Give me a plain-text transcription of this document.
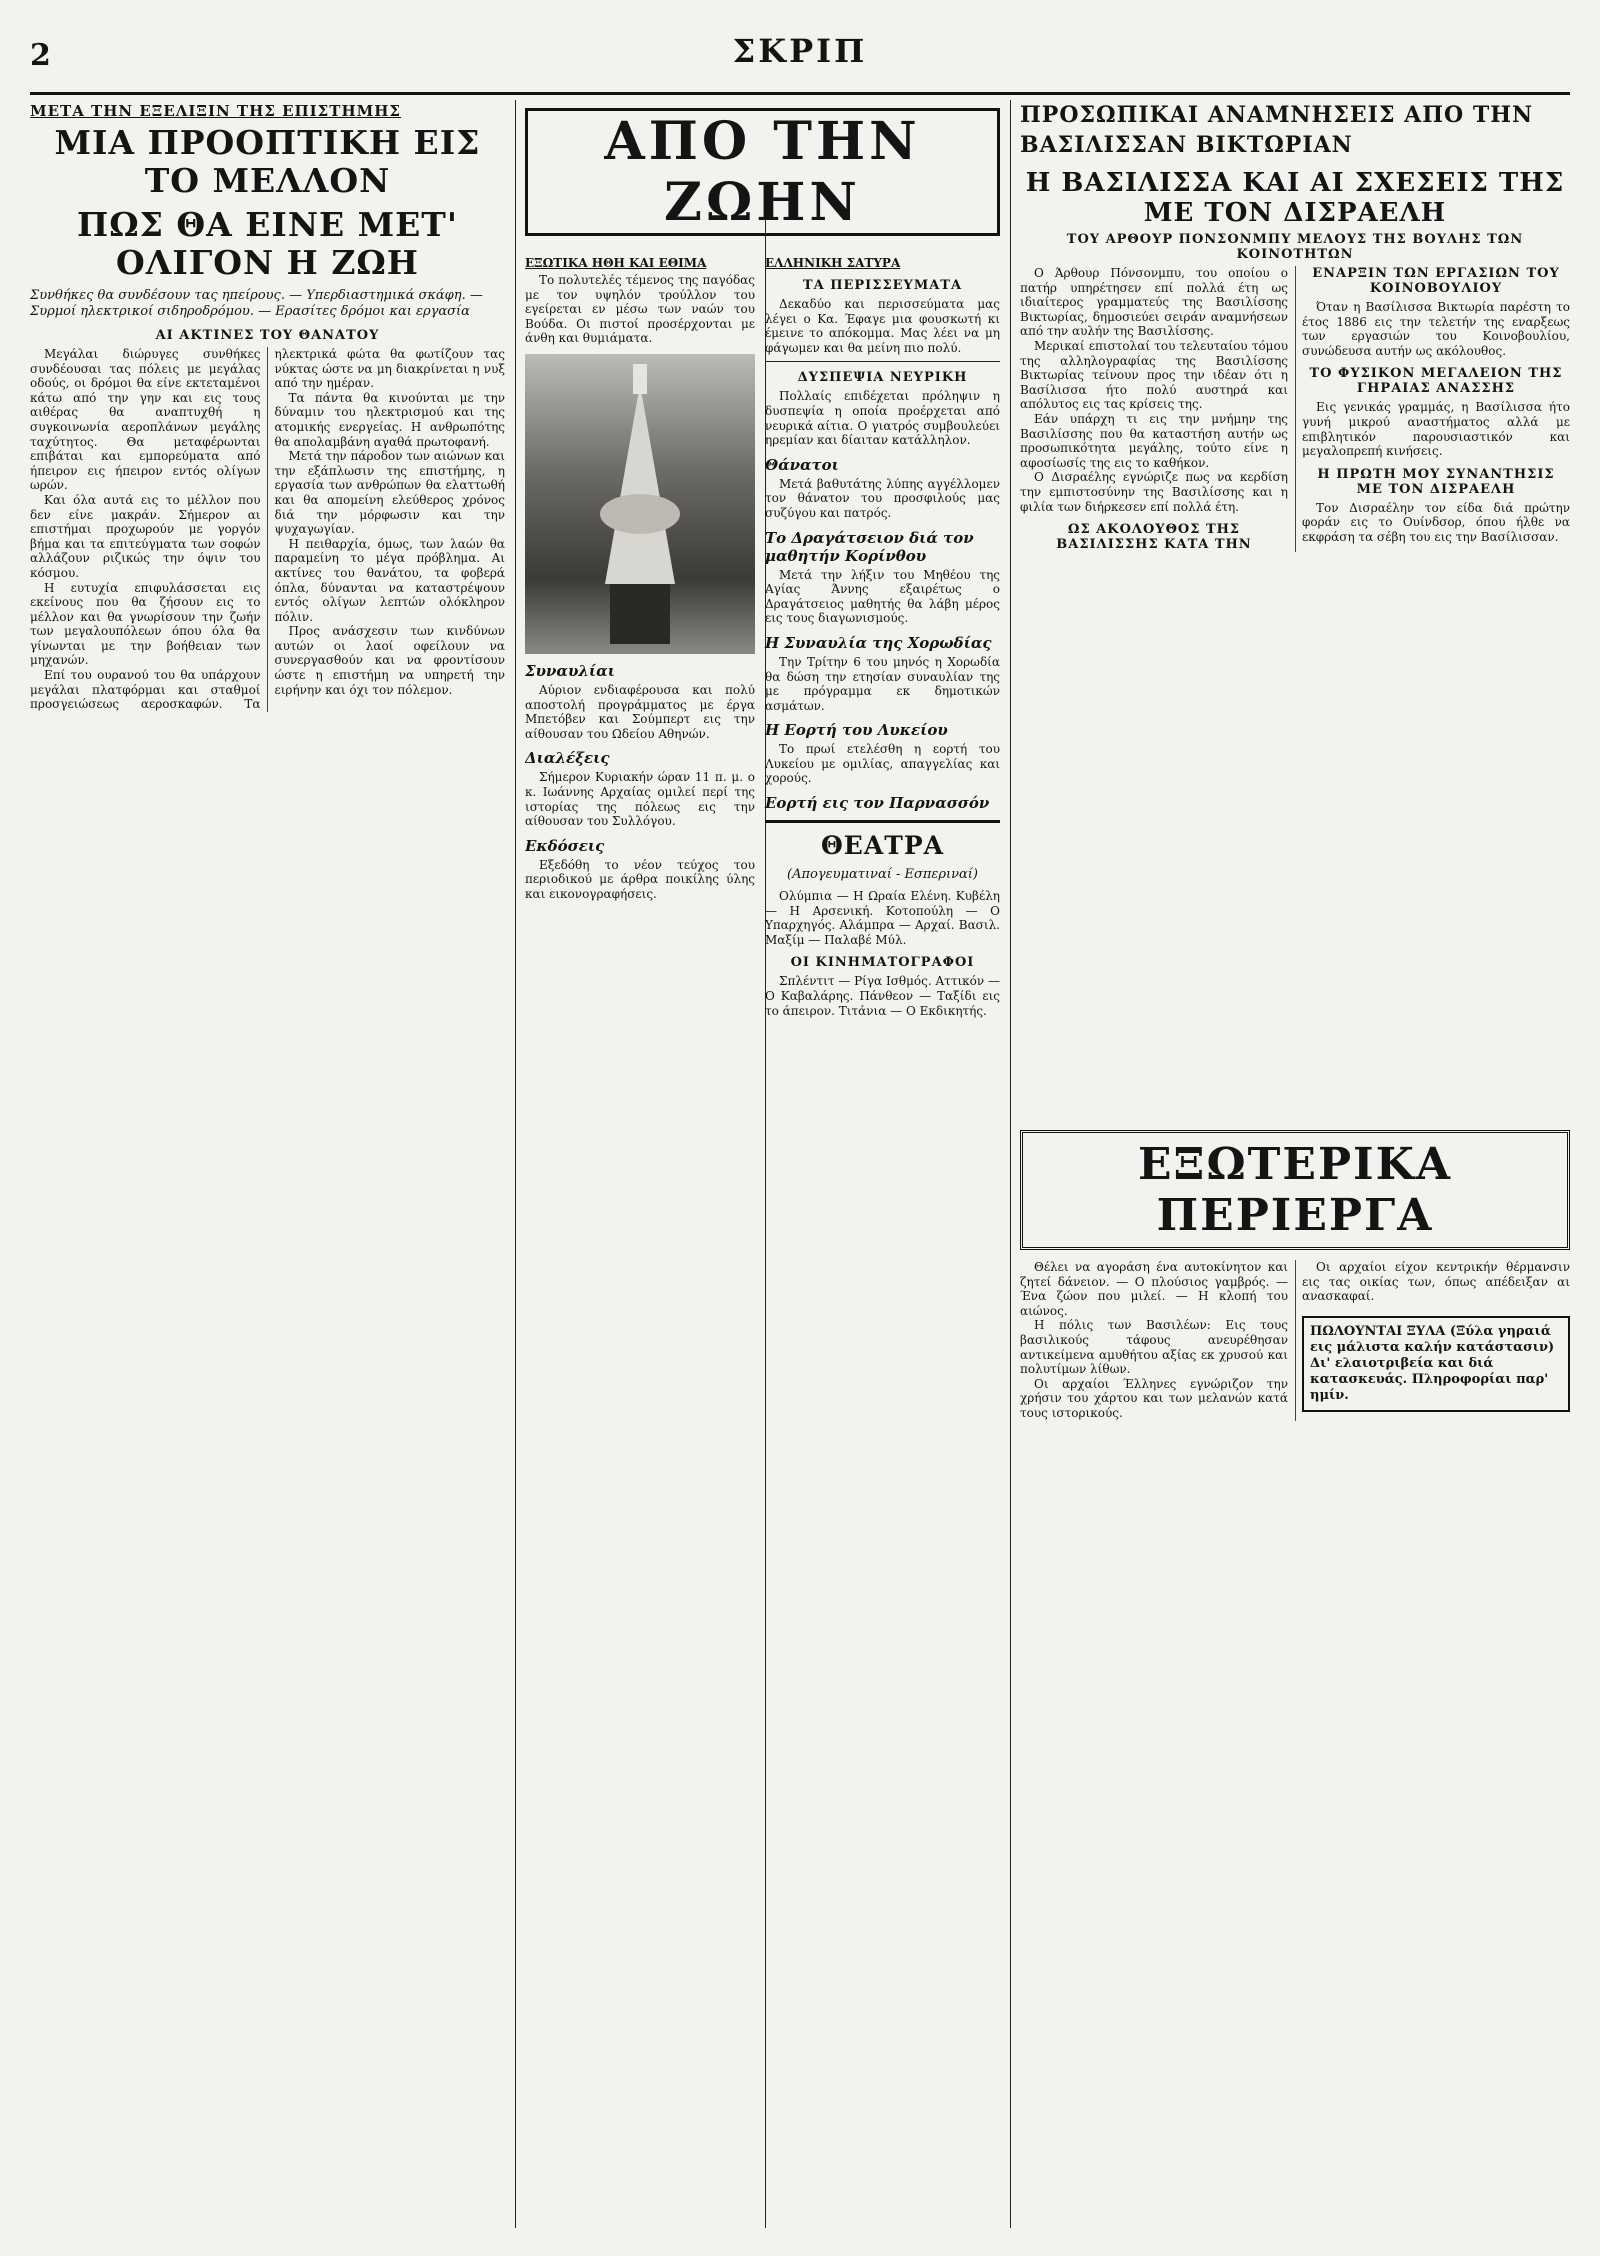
2	ΣΚΡΙΠ
ΜΕΤΑ ΤΗΝ ΕΞΕΛΙΞΙΝ ΤΗΣ ΕΠΙΣΤΗΜΗΣ
ΜΙΑ ΠΡΟΟΠΤΙΚΗ ΕΙΣ ΤΟ ΜΕΛΛΟΝ
ΠΩΣ ΘΑ ΕΙΝΕ ΜΕΤ' ΟΛΙΓΟΝ Η ΖΩΗ
Συνθήκες θα συνδέσουν τας ηπείρους. — Υπερδιαστημικά σκάφη. — Συρμοί ηλεκτρικοί σιδηροδρόμου. — Ερασίτες δρόμοι και εργασία
ΑΙ ΑΚΤΙΝΕΣ ΤΟΥ ΘΑΝΑΤΟΥ

Μεγάλαι διώρυγες συνθήκες συνδέουσαι τας πόλεις με μεγάλας οδούς, οι δρόμοι θα είνε εκτεταμένοι κάτω από την γην και εις τους αιθέρας θα αναπτυχθή η συγκοινωνία αεροπλάνων μεγάλης ταχύτητος. Θα μεταφέρωνται επιβάται και εμπορεύματα από ήπειρον εις ήπειρον εντός ολίγων ωρών.

Και όλα αυτά εις το μέλλον που δεν είνε μακράν. Σήμερον αι επιστήμαι προχωρούν με γοργόν βήμα και τα επιτεύγματα των σοφών αλλάζουν ριζικώς την όψιν του κόσμου.

Η ευτυχία επιφυλάσσεται εις εκείνους που θα ζήσουν εις το μέλλον και θα γνωρίσουν την ζωήν των μεγαλουπόλεων όπου όλα θα γίνωνται με την βοήθειαν των μηχανών.

Επί του ουρανού του θα υπάρχουν μεγάλαι πλατφόρμαι και σταθμοί προσγειώσεως αεροσκαφών. Τα ηλεκτρικά φώτα θα φωτίζουν τας νύκτας ώστε να μη διακρίνεται η νυξ από την ημέραν.

Τα πάντα θα κινούνται με την δύναμιν του ηλεκτρισμού και της ατομικής ενεργείας. Η ανθρωπότης θα απολαμβάνη αγαθά πρωτοφανή.

Μετά την πάροδον των αιώνων και την εξάπλωσιν της επιστήμης, η εργασία των ανθρώπων θα ελαττωθή και θα απομείνη ελεύθερος χρόνος διά την μόρφωσιν και την ψυχαγωγίαν.

Η πειθαρχία, όμως, των λαών θα παραμείνη το μέγα πρόβλημα. Αι ακτίνες του θανάτου, τα φοβερά όπλα, δύνανται να καταστρέψουν εντός ολίγων λεπτών ολόκληρον πόλιν.

Προς ανάσχεσιν των κινδύνων αυτών οι λαοί οφείλουν να συνεργασθούν και να φροντίσουν ώστε η επιστήμη να υπηρετή την ειρήνην και όχι τον πόλεμον.

ΑΠΟ ΤΗΝ ΖΩΗΝ
ΕΞΩΤΙΚΑ ΗΘΗ ΚΑΙ ΕΘΙΜΑ

Το πολυτελές τέμενος της παγόδας με τον υψηλόν τρούλλον του εγείρεται εν μέσω των ναών του Βούδα. Οι πιστοί προσέρχονται με άνθη και θυμιάματα.

Συναυλίαι

Αύριον ενδιαφέρουσα και πολύ αποστολή προγράμματος με έργα Μπετόβεν και Σούμπερτ εις την αίθουσαν του Ωδείου Αθηνών.

Διαλέξεις

Σήμερον Κυριακήν ώραν 11 π. μ. ο κ. Ιωάννης Αρχαίας ομιλεί περί της ιστορίας της πόλεως εις την αίθουσαν του Συλλόγου.

Εκδόσεις

Εξεδόθη το νέον τεύχος του περιοδικού με άρθρα ποικίλης ύλης και εικονογραφήσεις.

ΕΛΛΗΝΙΚΗ ΣΑΤΥΡΑ
ΤΑ ΠΕΡΙΣΣΕΥΜΑΤΑ

Δεκαδύο και περισσεύματα μας λέγει ο Κα. Έφαγε μια φουσκωτή κι έμεινε το απόκομμα. Μας λέει να μη φάγωμεν και θα μείνη πιο πολύ.

ΔΥΣΠΕΨΙΑ ΝΕΥΡΙΚΗ

Πολλαίς επιδέχεται πρόληψιν η δυσπεψία η οποία προέρχεται από νευρικά αίτια. Ο γιατρός συμβουλεύει ηρεμίαν και δίαιταν κατάλληλον.

Θάνατοι

Μετά βαθυτάτης λύπης αγγέλλομεν τον θάνατον του προσφιλούς μας συζύγου και πατρός.

Το Δραγάτσειον διά τον μαθητήν Κορίνθου

Μετά την λήξιν του Μηθέου της Αγίας Άννης εξαιρέτως ο Δραγάτσειος μαθητής θα λάβη μέρος εις τους διαγωνισμούς.

Η Συναυλία της Χορωδίας

Την Τρίτην 6 του μηνός η Χορωδία θα δώση την ετησίαν συναυλίαν της με πρόγραμμα εκ δημοτικών ασμάτων.

Η Εορτή του Λυκείου

Το πρωί ετελέσθη η εορτή του Λυκείου με ομιλίας, απαγγελίας και χορούς.

Εορτή εις τον Παρνασσόν
ΘΕΑΤΡΑ
(Απογευματιναί - Εσπεριναί)

Ολύμπια — Η Ωραία Ελένη. Κυβέλη — Η Αρσενική. Κοτοπούλη — Ο Υπαρχηγός. Αλάμπρα — Αρχαί. Βασιλ. Μαξίμ — Παλαβέ Μύλ.

ΟΙ ΚΙΝΗΜΑΤΟΓΡΑΦΟΙ

Σπλέντιτ — Ρίγα Ισθμός. Αττικόν — Ο Καβαλάρης. Πάνθεον — Ταξίδι εις το άπειρον. Τιτάνια — Ο Εκδικητής.

ΠΡΟΣΩΠΙΚΑΙ ΑΝΑΜΝΗΣΕΙΣ ΑΠΟ ΤΗΝ ΒΑΣΙΛΙΣΣΑΝ ΒΙΚΤΩΡΙΑΝ
Η ΒΑΣΙΛΙΣΣΑ ΚΑΙ ΑΙ ΣΧΕΣΕΙΣ ΤΗΣ ΜΕ ΤΟΝ ΔΙΣΡΑΕΛΗ
ΤΟΥ ΑΡΘΟΥΡ ΠΟΝΣΟΝΜΠΥ ΜΕΛΟΥΣ ΤΗΣ ΒΟΥΛΗΣ ΤΩΝ ΚΟΙΝΟΤΗΤΩΝ

Ο Άρθουρ Πόνσονμπυ, του οποίου ο πατήρ υπηρέτησεν επί πολλά έτη ως ιδιαίτερος γραμματεύς της Βασιλίσσης Βικτωρίας, δημοσιεύει σειράν αναμνήσεων από την αυλήν της Βασιλίσσης.

Μερικαί επιστολαί του τελευταίου τόμου της αλληλογραφίας της Βασιλίσσης Βικτωρίας τείνουν προς την ιδέαν ότι η Βασίλισσα ήτο πολύ αυστηρά και απόλυτος εις τας κρίσεις της.

Εάν υπάρχη τι εις την μνήμην της Βασιλίσσης που θα καταστήση αυτήν ως προσωπικότητα μεγάλης, τούτο είνε η αφοσίωσίς της εις το καθήκον.

Ο Δισραέλης εγνώριζε πως να κερδίση την εμπιστοσύνην της Βασιλίσσης και η φιλία των διήρκεσεν επί πολλά έτη.

ΩΣ ΑΚΟΛΟΥΘΟΣ ΤΗΣ ΒΑΣΙΛΙΣΣΗΣ ΚΑΤΑ ΤΗΝ ΕΝΑΡΞΙΝ ΤΩΝ ΕΡΓΑΣΙΩΝ ΤΟΥ ΚΟΙΝΟΒΟΥΛΙΟΥ

Όταν η Βασίλισσα Βικτωρία παρέστη το έτος 1886 εις την τελετήν της εναρξεως των εργασιών του Κοινοβουλίου, συνώδευσα αυτήν ως ακόλουθος.

ΤΟ ΦΥΣΙΚΟΝ ΜΕΓΑΛΕΙΟΝ ΤΗΣ ΓΗΡΑΙΑΣ ΑΝΑΣΣΗΣ

Εις γενικάς γραμμάς, η Βασίλισσα ήτο γυνή μικρού αναστήματος αλλά με επιβλητικόν παρουσιαστικόν και μεγαλοπρεπή κινήσεις.

Η ΠΡΩΤΗ ΜΟΥ ΣΥΝΑΝΤΗΣΙΣ ΜΕ ΤΟΝ ΔΙΣΡΑΕΛΗ

Τον Δισραέλην τον είδα διά πρώτην φοράν εις το Ουίνδσορ, όπου ήλθε να εκφράση τα σέβη του εις την Βασίλισσαν.

ΕΞΩΤΕΡΙΚΑ ΠΕΡΙΕΡΓΑ

Θέλει να αγοράση ένα αυτοκίνητον και ζητεί δάνειον. — Ο πλούσιος γαμβρός. — Ένα ζώον που μιλεί. — Η κλοπή του αιώνος.

Η πόλις των Βασιλέων: Εις τους βασιλικούς τάφους ανευρέθησαν αντικείμενα αμυθήτου αξίας εκ χρυσού και πολυτίμων λίθων.

Οι αρχαίοι Έλληνες εγνώριζον την χρήσιν του χάρτου και των μελανών κατά τους ιστορικούς.

Οι αρχαίοι είχον κεντρικήν θέρμανσιν εις τας οικίας των, όπως απέδειξαν αι ανασκαφαί.

ΠΩΛΟΥΝΤΑΙ ΞΥΛΑ (Ξύλα γηραιά εις μάλιστα καλήν κατάστασιν) Δι' ελαιοτριβεία και διά κατασκευάς. Πληροφορίαι παρ' ημίν.
